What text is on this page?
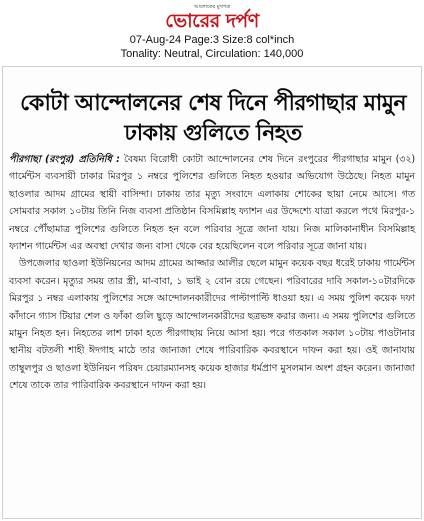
আলোকের মুখপত্র
ভোরের দর্পণ
07-Aug-24 Page:3 Size:8 col*inch
Tonality: Neutral, Circulation: 140,000
কোটা আন্দোলনের শেষ দিনে পীরগাছার মামুন ঢাকায় গুলিতে নিহত

পীরগাছা (রংপুর) প্রতিনিধি : বৈষম্য বিরোধী কোটা আন্দোলনের শেষ দিনে রংপুরের পীরগাছার মামুন (৩২) গার্মেন্টস ব্যবসায়ী ঢাকার মিরপুর ১ নম্বরে পুলিশের গুলিতে নিহত হওয়ার অভিযোগ উঠেছে। নিহত মামুন ছাওলার আদম গ্রামের স্থায়ী বাসিন্দা। ঢাকায় তার মৃত্যু সংবাদে এলাকায় শোকের ছায়া নেমে আসে। গত সোমবার সকাল ১০টায় তিনি নিজ ব্যবসা প্রতিষ্ঠান বিসমিল্লাহ ফ্যাশন এর উদ্দেশ্যে যাত্রা করলে পথে মিরপুর-১ নম্বরে পৌঁছামাত্র পুলিশের গুলিতে নিহত হন বলে পরিবার সূত্রে জানা যায়। নিজ মালিকানাধীন বিসমিল্লাহ ফ্যাশন গার্মেন্টস এর অবস্থা দেখার জন্য বাসা থেকে বের হয়েছিলেন বলে পরিবার সূত্রে জানা যায়।

উপজেলার ছাওলা ইউনিয়নের আদম গ্রামের আজ্জার আলীর ছেলে মামুন কয়েক বছর ধরেই ঢাকায় গার্মেন্টস ব্যবসা করেন। মৃত্যুর সময় তার স্ত্রী, মা-বাবা, ১ ভাই ২ বোন রয়ে গেছেন। পরিবারের দাবি সকাল-১০টারদিকে মিরপুর ১ নম্বর এলাকায় পুলিশের সঙ্গে আন্দোলনকারীদের পাল্টাপাল্টি ধাওয়া হয়। এ সময় পুলিশ কয়েক দফা কাঁদানে গ্যাস টিয়ার শেল ও ফাঁকা গুলি ছুড়ে আন্দোলনকারীদের ছত্রভঙ্গ করার জন্য। এ সময় পুলিশের গুলিতে মামুন নিহত হন। নিহতের লাশ ঢাকা হতে পীরগাছায় নিয়ে আসা হয়। পরে গতকাল সকাল ১০টায় পাওটানার স্থানীয় বটতলী শাহী ঈদগাহ মাঠে তার জানাজা শেষে পারিবারিক কবরস্থানে দাফন করা হয়। ওই জানাযায় তাম্বুলপুর ও ছাওলা ইউনিয়ন পরিষদ চেয়ারম্যানসহ কয়েক হাজার ধর্মপ্রাণ মুসলমান অংশ গ্রহন করেন। জানাজা শেষে তাকে তার পারিবারিক কবরস্থানে দাফন করা হয়।
